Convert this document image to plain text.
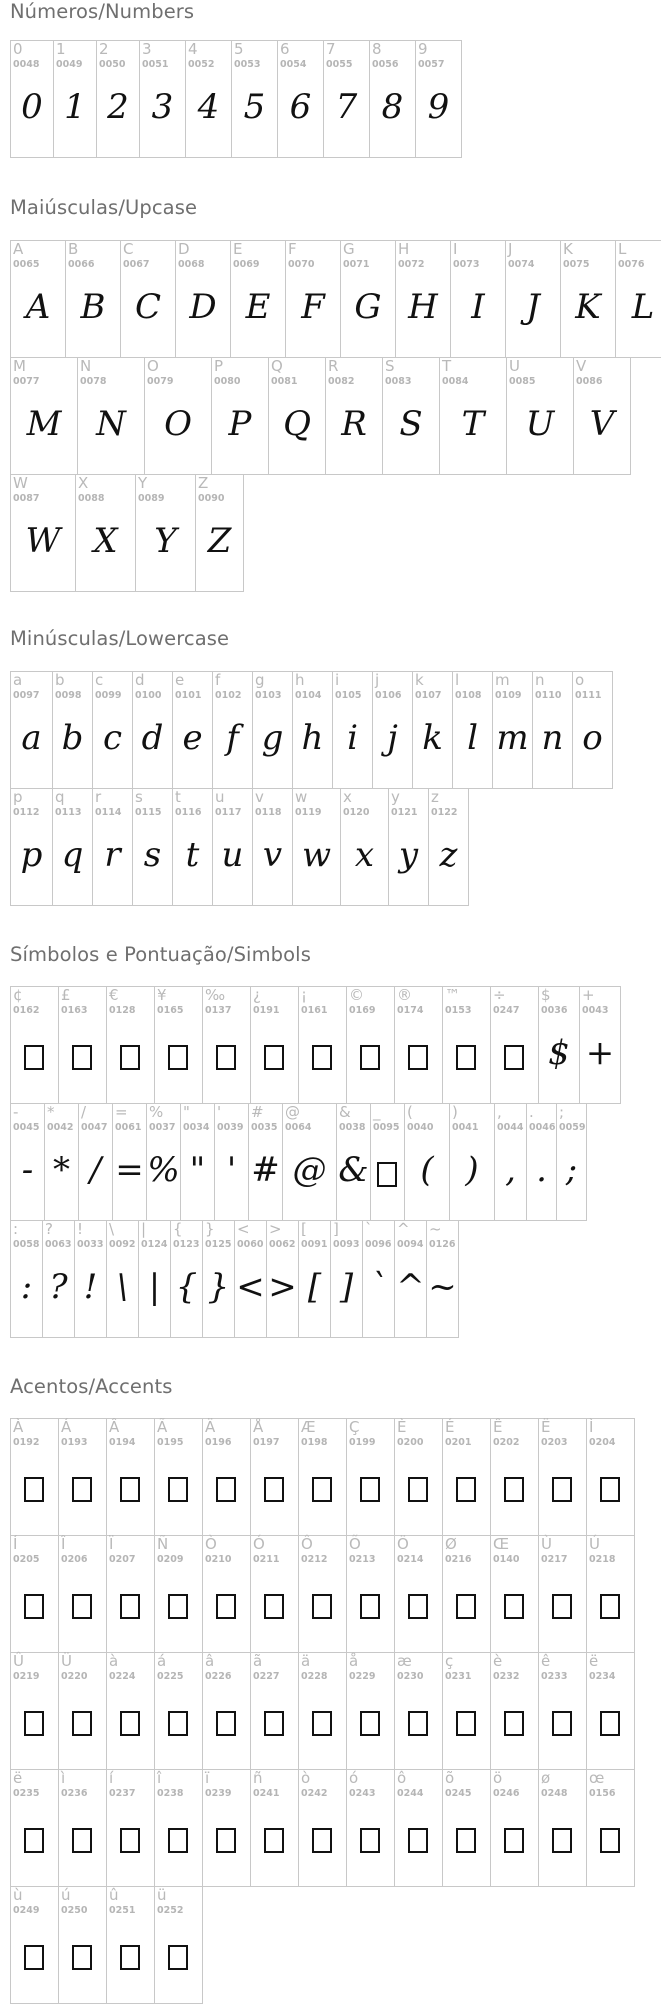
Números/Numbers
0
0048
0
1
0049
1
2
0050
2
3
0051
3
4
0052
4
5
0053
5
6
0054
6
7
0055
7
8
0056
8
9
0057
9
Maiúsculas/Upcase
A
0065
A
B
0066
B
C
0067
C
D
0068
D
E
0069
E
F
0070
F
G
0071
G
H
0072
H
I
0073
I
J
0074
J
K
0075
K
L
0076
L
M
0077
M
N
0078
N
O
0079
O
P
0080
P
Q
0081
Q
R
0082
R
S
0083
S
T
0084
T
U
0085
U
V
0086
V
W
0087
W
X
0088
X
Y
0089
Y
Z
0090
Z
Minúsculas/Lowercase
a
0097
a
b
0098
b
c
0099
c
d
0100
d
e
0101
e
f
0102
f
g
0103
g
h
0104
h
i
0105
i
j
0106
j
k
0107
k
l
0108
l
m
0109
m
n
0110
n
o
0111
o
p
0112
p
q
0113
q
r
0114
r
s
0115
s
t
0116
t
u
0117
u
v
0118
v
w
0119
w
x
0120
x
y
0121
y
z
0122
z
Símbolos e Pontuação/Simbols
¢
0162
£
0163
€
0128
¥
0165
‰
0137
¿
0191
¡
0161
©
0169
®
0174
™
0153
÷
0247
$
0036
$
+
0043
+
-
0045
-
*
0042
*
/
0047
/
=
0061
=
%
0037
%
"
0034
"
'
0039
'
#
0035
#
@
0064
@
&
0038
&
_
0095
(
0040
(
)
0041
)
,
0044
,
.
0046
.
;
0059
;
:
0058
:
?
0063
?
!
0033
!
\
0092
\
|
0124
|
{
0123
{
}
0125
}
<
0060
<
>
0062
>
[
0091
[
]
0093
]
`
0096
`
^
0094
^
~
0126
~
Acentos/Accents
À
0192
Á
0193
Â
0194
Ã
0195
Ä
0196
Å
0197
Æ
0198
Ç
0199
È
0200
É
0201
Ê
0202
Ë
0203
Ì
0204
Í
0205
Î
0206
Ï
0207
Ñ
0209
Ò
0210
Ó
0211
Ô
0212
Õ
0213
Ö
0214
Ø
0216
Œ
0140
Ù
0217
Ú
0218
Û
0219
Ü
0220
à
0224
á
0225
â
0226
ã
0227
ä
0228
å
0229
æ
0230
ç
0231
è
0232
ê
0233
ë
0234
ë
0235
ì
0236
í
0237
î
0238
ï
0239
ñ
0241
ò
0242
ó
0243
ô
0244
õ
0245
ö
0246
ø
0248
œ
0156
ù
0249
ú
0250
û
0251
ü
0252
